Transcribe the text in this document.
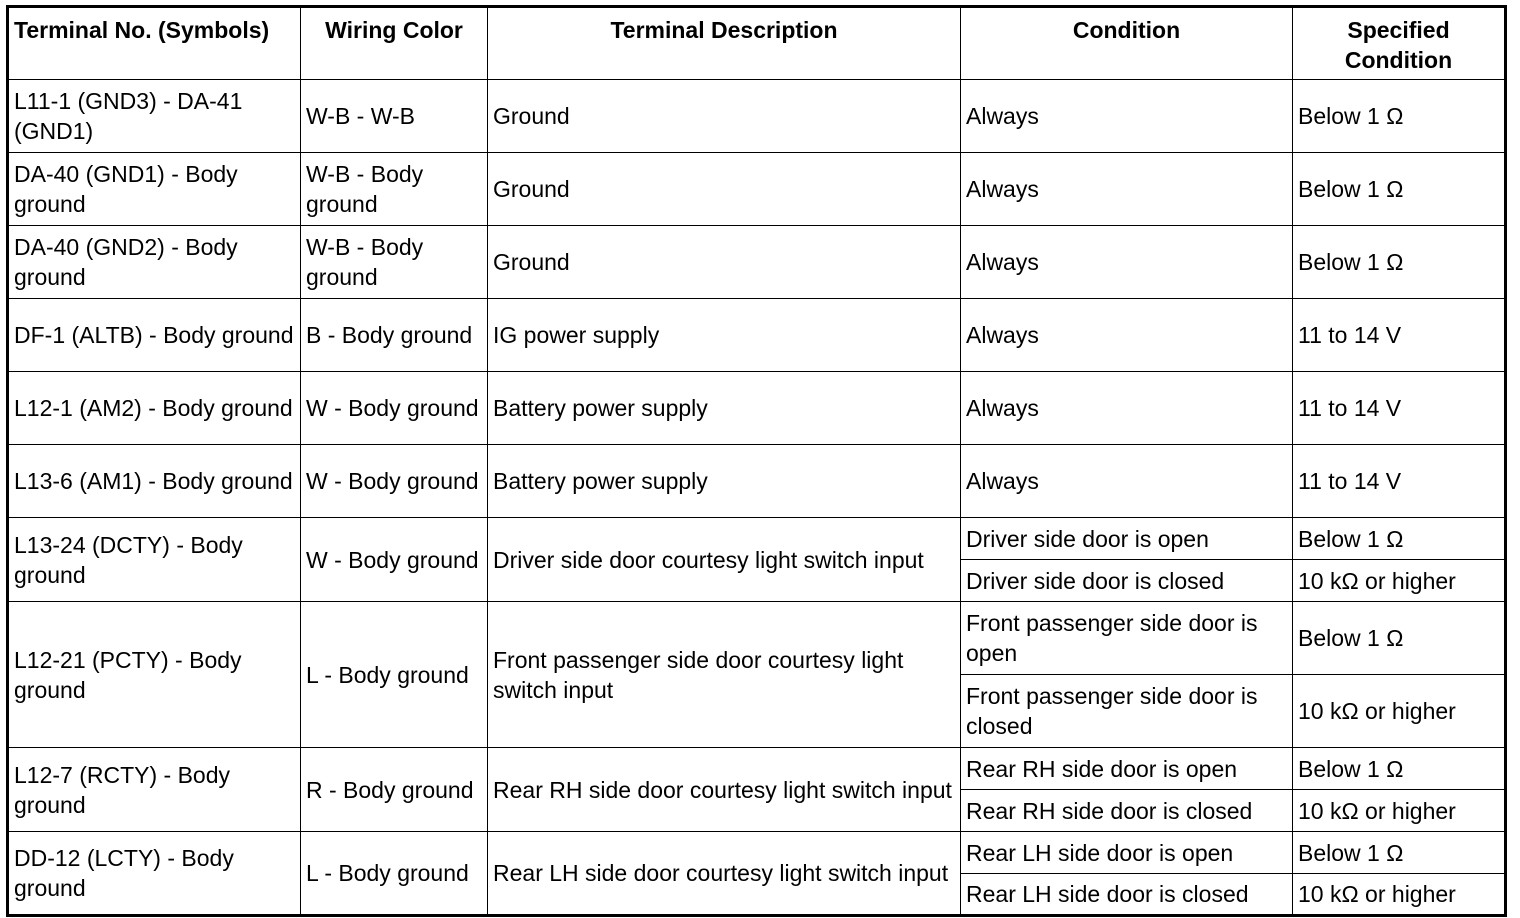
Terminal No. (Symbols)	Wiring Color	Terminal Description	Condition	Specified Condition
L11-1 (GND3) - DA-41 (GND1)	W-B - W-B	Ground	Always	Below 1 Ω
DA-40 (GND1) - Body ground	W-B - Body ground	Ground	Always	Below 1 Ω
DA-40 (GND2) - Body ground	W-B - Body ground	Ground	Always	Below 1 Ω
DF-1 (ALTB) - Body ground	B - Body ground	IG power supply	Always	11 to 14 V
L12-1 (AM2) - Body ground	W - Body ground	Battery power supply	Always	11 to 14 V
L13-6 (AM1) - Body ground	W - Body ground	Battery power supply	Always	11 to 14 V
L13-24 (DCTY) - Body ground	W - Body ground	Driver side door courtesy light switch input	Driver side door is open	Below 1 Ω
			Driver side door is closed	10 kΩ or higher
L12-21 (PCTY) - Body ground	L - Body ground	Front passenger side door courtesy light switch input	Front passenger side door is open	Below 1 Ω
			Front passenger side door is closed	10 kΩ or higher
L12-7 (RCTY) - Body ground	R - Body ground	Rear RH side door courtesy light switch input	Rear RH side door is open	Below 1 Ω
			Rear RH side door is closed	10 kΩ or higher
DD-12 (LCTY) - Body ground	L - Body ground	Rear LH side door courtesy light switch input	Rear LH side door is open	Below 1 Ω
			Rear LH side door is closed	10 kΩ or higher
